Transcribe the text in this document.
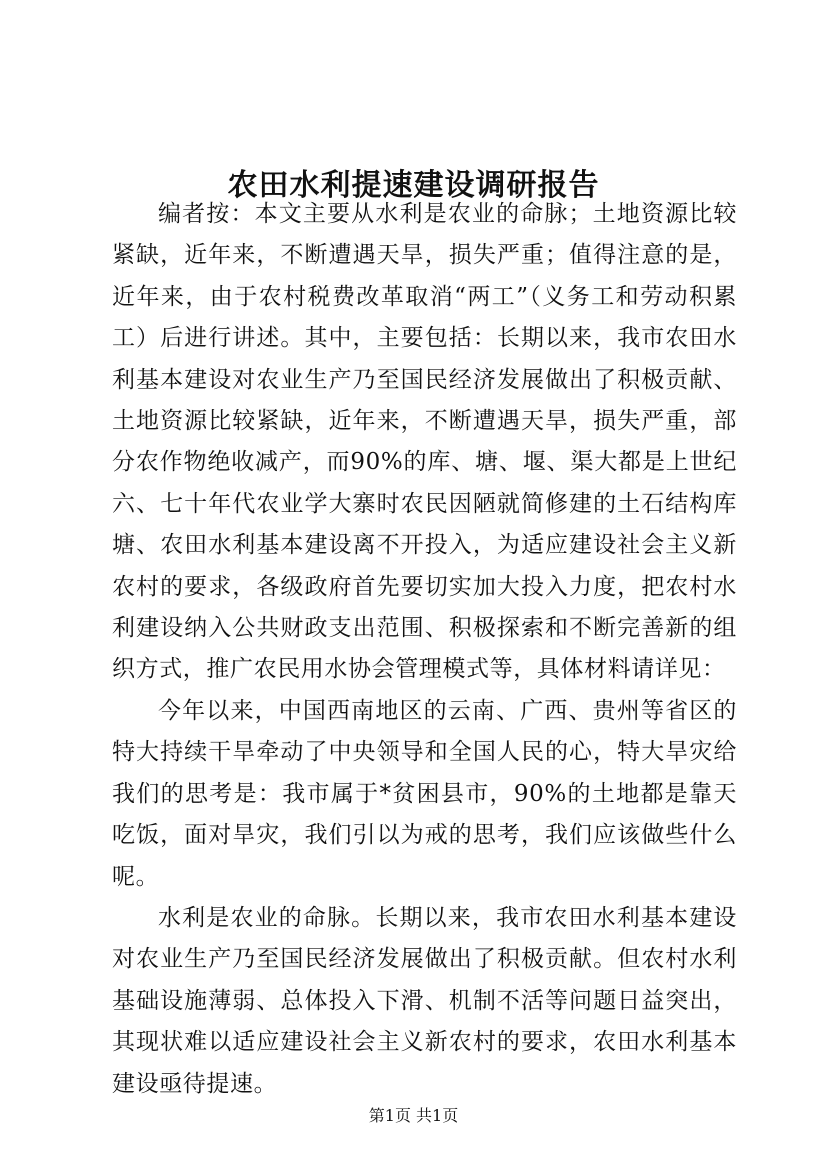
农田水利提速建设调研报告

编者按：本文主要从水利是农业的命脉；土地资源比较紧缺，近年来，不断遭遇天旱，损失严重；值得注意的是，近年来，由于农村税费改革取消“两工”（义务工和劳动积累工）后进行讲述。其中，主要包括：长期以来，我市农田水利基本建设对农业生产乃至国民经济发展做出了积极贡献、土地资源比较紧缺，近年来，不断遭遇天旱，损失严重，部分农作物绝收减产，而90%的库、塘、堰、渠大都是上世纪六、七十年代农业学大寨时农民因陋就简修建的土石结构库塘、农田水利基本建设离不开投入，为适应建设社会主义新农村的要求，各级政府首先要切实加大投入力度，把农村水利建设纳入公共财政支出范围、积极探索和不断完善新的组织方式，推广农民用水协会管理模式等，具体材料请详见：

今年以来，中国西南地区的云南、广西、贵州等省区的特大持续干旱牵动了中央领导和全国人民的心，特大旱灾给我们的思考是：我市属于*贫困县市，90%的土地都是靠天吃饭，面对旱灾，我们引以为戒的思考，我们应该做些什么呢。

水利是农业的命脉。长期以来，我市农田水利基本建设对农业生产乃至国民经济发展做出了积极贡献。但农村水利基础设施薄弱、总体投入下滑、机制不活等问题日益突出，其现状难以适应建设社会主义新农村的要求，农田水利基本建设亟待提速。

第1页 共1页
